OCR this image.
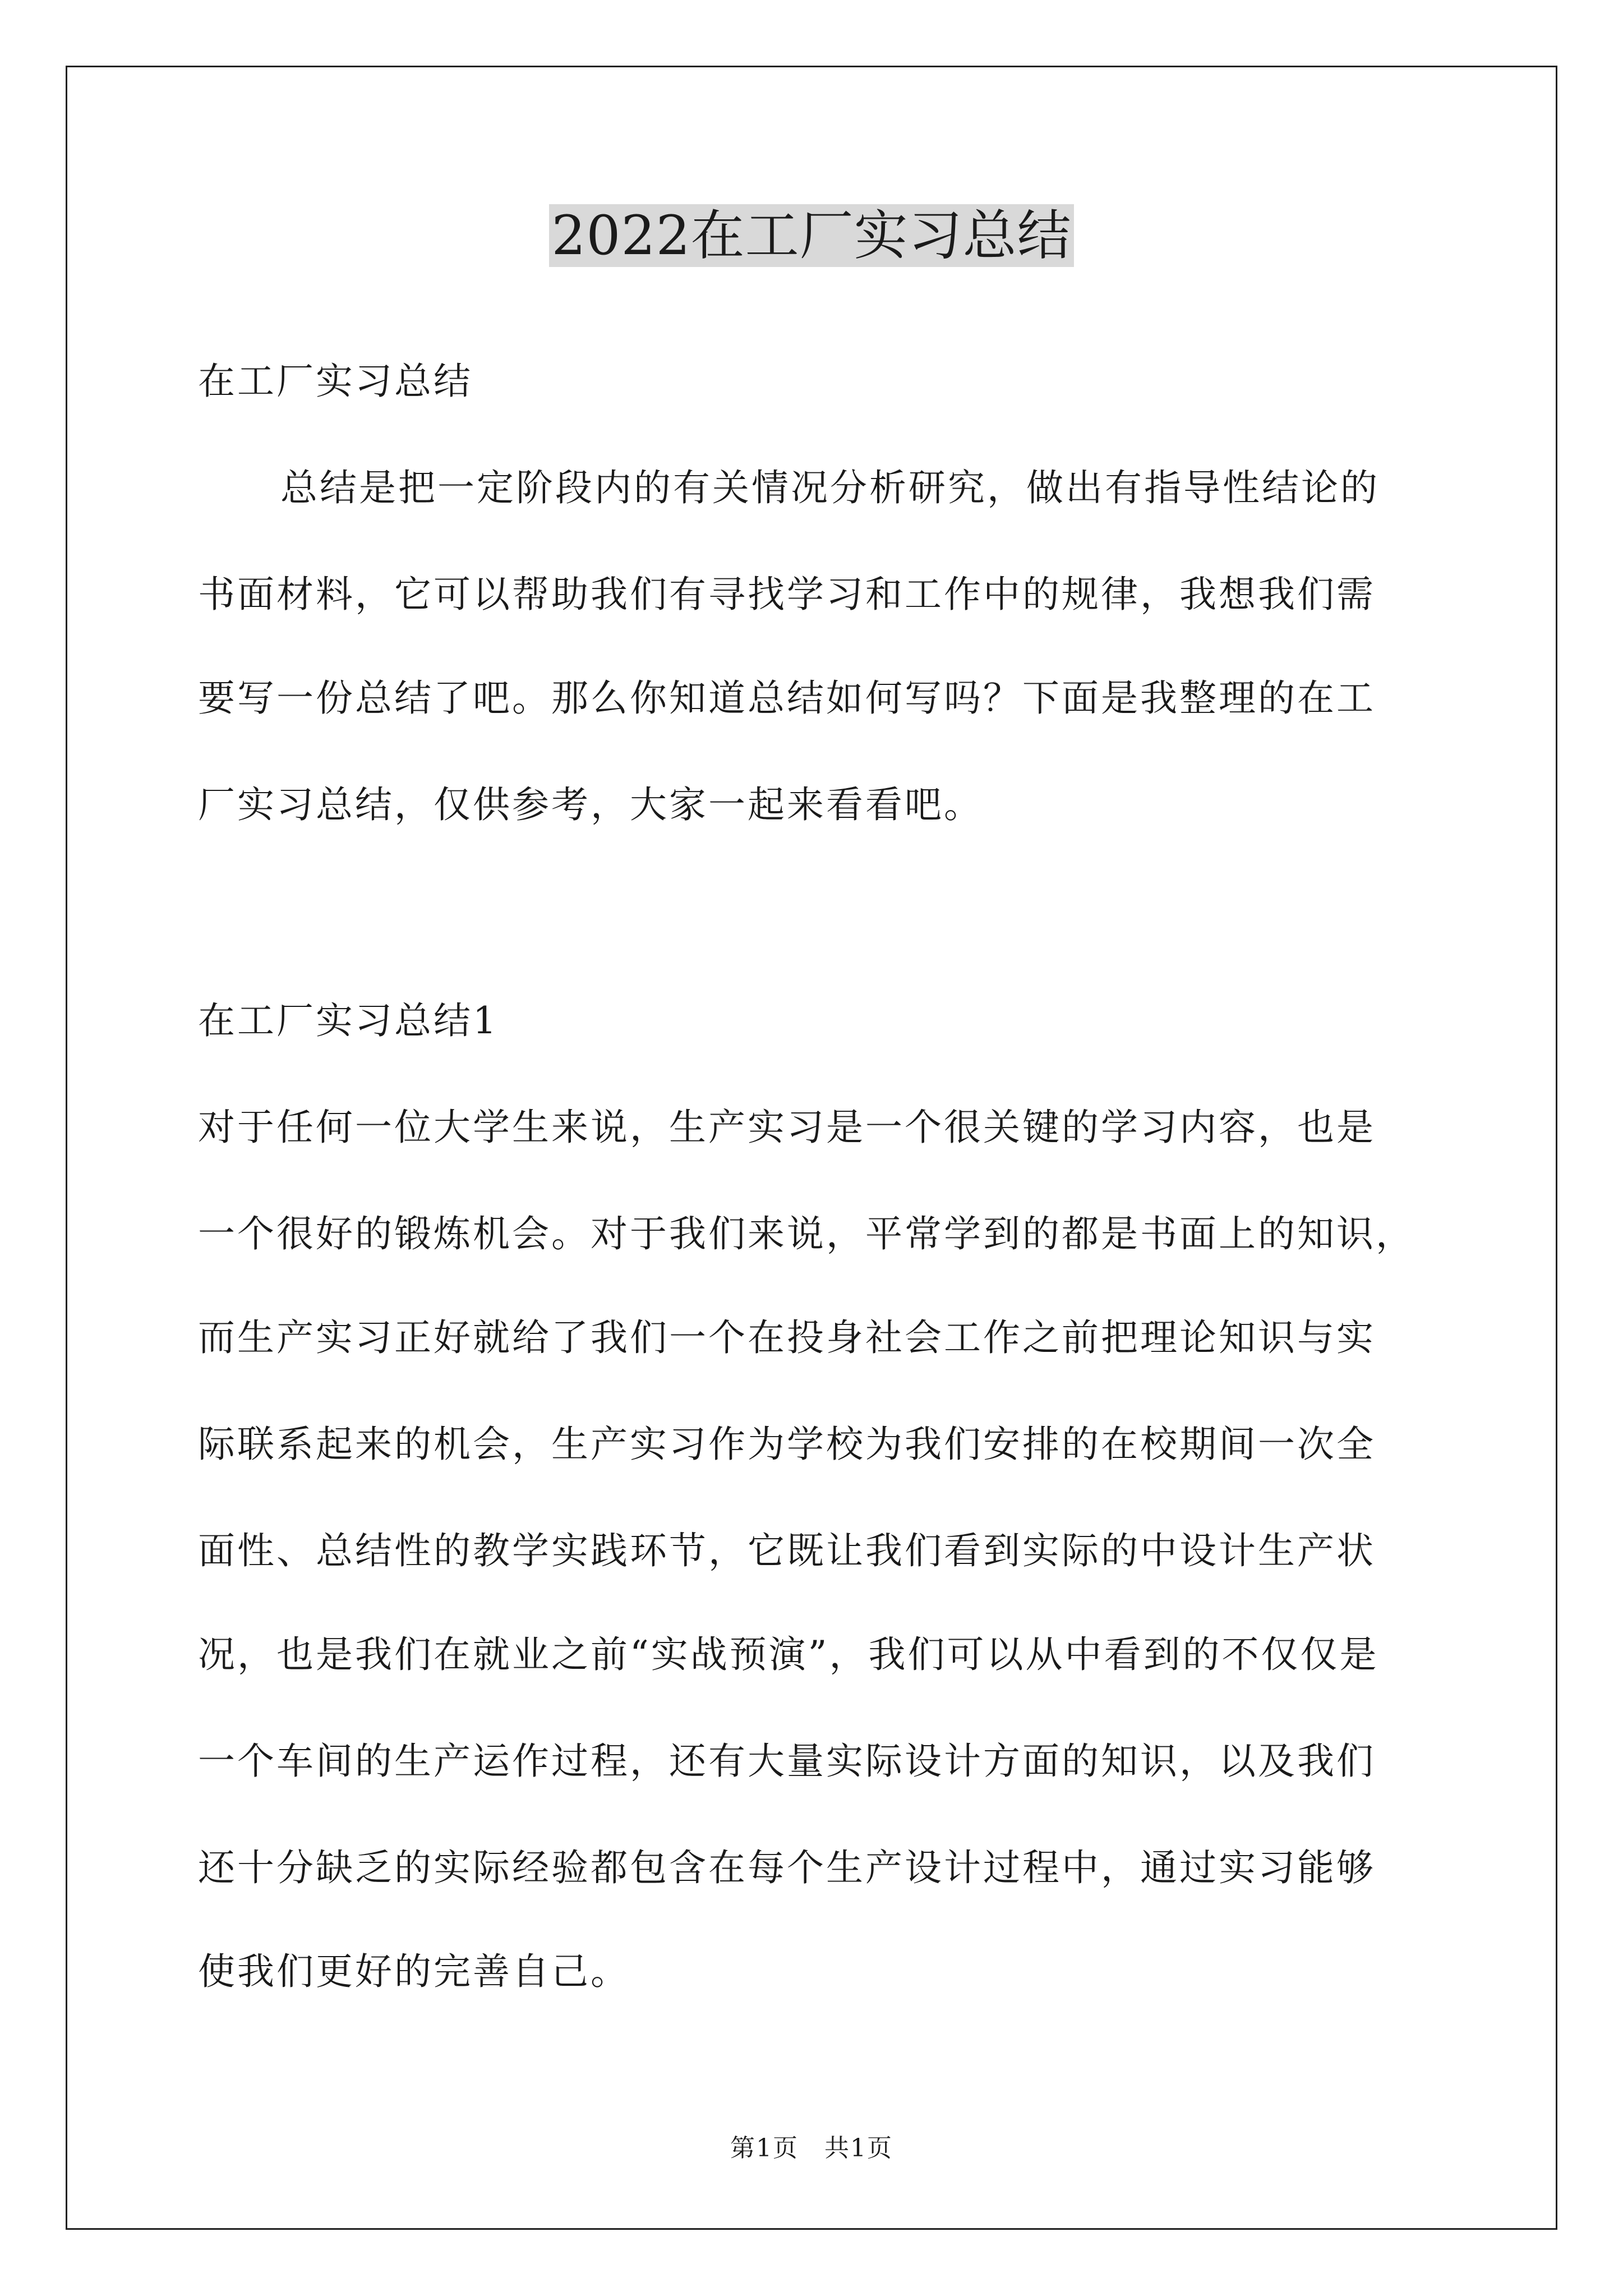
2022在工厂实习总结
在工厂实习总结
总结是把一定阶段内的有关情况分析研究，做出有指导性结论的
书面材料，它可以帮助我们有寻找学习和工作中的规律，我想我们需
要写一份总结了吧。那么你知道总结如何写吗？下面是我整理的在工
厂实习总结，仅供参考，大家一起来看看吧。
在工厂实习总结1
对于任何一位大学生来说，生产实习是一个很关键的学习内容，也是
一个很好的锻炼机会。对于我们来说，平常学到的都是书面上的知识，
而生产实习正好就给了我们一个在投身社会工作之前把理论知识与实
际联系起来的机会，生产实习作为学校为我们安排的在校期间一次全
面性、总结性的教学实践环节，它既让我们看到实际的中设计生产状
况，也是我们在就业之前“实战预演”，我们可以从中看到的不仅仅是
一个车间的生产运作过程，还有大量实际设计方面的知识，以及我们
还十分缺乏的实际经验都包含在每个生产设计过程中，通过实习能够
使我们更好的完善自己。
第1页　共1页
